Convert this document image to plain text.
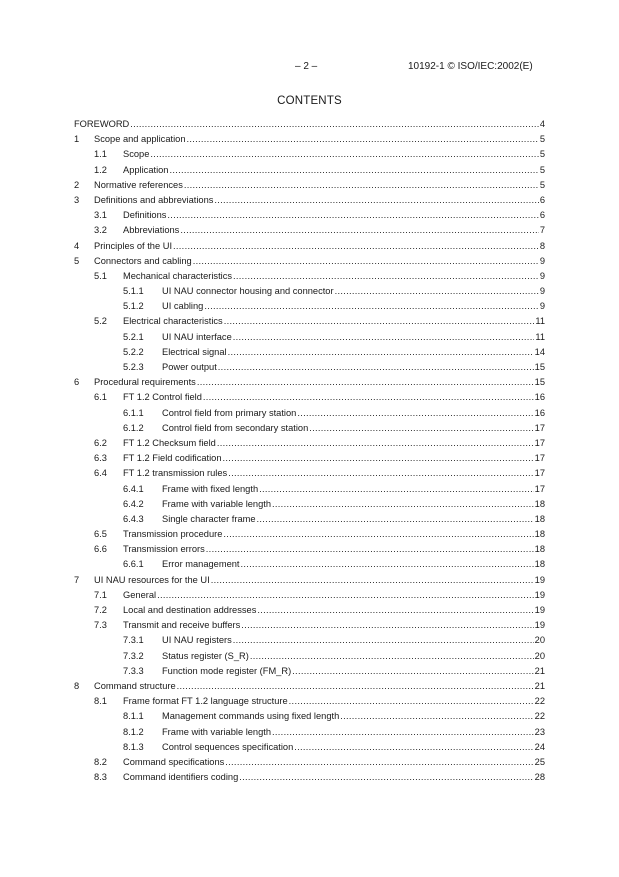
– 2 –	10192-1 © ISO/IEC:2002(E)
CONTENTS
FOREWORD .....	4
1 Scope and application .....	5
1.1 Scope .....	5
1.2 Application .....	5
2 Normative references .....	5
3 Definitions and abbreviations .....	6
3.1 Definitions .....	6
3.2 Abbreviations .....	7
4 Principles of the UI .....	8
5 Connectors and cabling .....	9
5.1 Mechanical characteristics .....	9
5.1.1 UI NAU connector housing and connector .....	9
5.1.2 UI cabling .....	9
5.2 Electrical characteristics .....	11
5.2.1 UI NAU interface .....	11
5.2.2 Electrical signal .....	14
5.2.3 Power output .....	15
6 Procedural requirements .....	15
6.1 FT 1.2 Control field .....	16
6.1.1 Control field from primary station .....	16
6.1.2 Control field from secondary station .....	17
6.2 FT 1.2 Checksum field .....	17
6.3 FT 1.2 Field codification .....	17
6.4 FT 1.2 transmission rules .....	17
6.4.1 Frame with fixed length .....	17
6.4.2 Frame with variable length .....	18
6.4.3 Single character frame .....	18
6.5 Transmission procedure .....	18
6.6 Transmission errors .....	18
6.6.1 Error management .....	18
7 UI NAU resources for the UI .....	19
7.1 General .....	19
7.2 Local and destination addresses .....	19
7.3 Transmit and receive buffers .....	19
7.3.1 UI NAU registers .....	20
7.3.2 Status register (S_R) .....	20
7.3.3 Function mode register (FM_R) .....	21
8 Command structure .....	21
8.1 Frame format FT 1.2 language structure .....	22
8.1.1 Management commands using fixed length .....	22
8.1.2 Frame with variable length .....	23
8.1.3 Control sequences specification .....	24
8.2 Command specifications .....	25
8.3 Command identifiers coding .....	28
